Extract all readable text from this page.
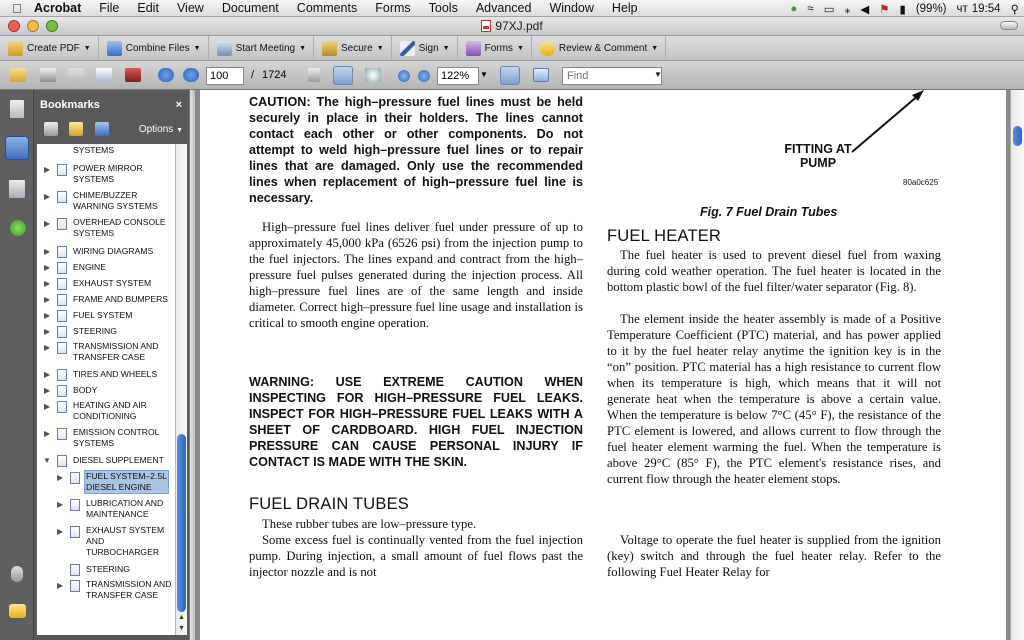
Acrobat	File	Edit	View	Document	Comments	Forms	Tools	Advanced	Window	Help	● ≈ ▭ ⁎ ◀ ⚑ ▮ (99%) чт 19:54 ⚲
97XJ.pdf
Create PDF ▼	Combine Files ▼	Start Meeting ▼	Secure ▼	Sign ▼	Forms ▼	Review & Comment ▼
100
/ 1724
122%	▼
Find	▼
Bookmarks	×
Options ▼
SYSTEMS
▶	POWER MIRROR
SYSTEMS
▶	CHIME/BUZZER
WARNING SYSTEMS
▶	OVERHEAD CONSOLE
SYSTEMS
▶	WIRING DIAGRAMS
▶	ENGINE
▶	EXHAUST SYSTEM
▶	FRAME AND BUMPERS
▶	FUEL SYSTEM
▶	STEERING
▶	TRANSMISSION AND
TRANSFER CASE
▶	TIRES AND WHEELS
▶	BODY
▶	HEATING AND AIR
CONDITIONING
▶	EMISSION CONTROL
SYSTEMS
▼	DIESEL SUPPLEMENT
▶	FUEL SYSTEM–2.5L
DIESEL ENGINE
▶	LUBRICATION AND
MAINTENANCE
▶	EXHAUST SYSTEM
AND
TURBOCHARGER
STEERING
▶	TRANSMISSION AND
TRANSFER CASE
▲
▼
CAUTION: The high–pressure fuel lines must be held securely in place in their holders. The lines cannot contact each other or other components. Do not attempt to weld high–pressure fuel lines or to repair lines that are damaged. Only use the recommended lines when replacement of high–pressure fuel line is necessary.
High–pressure fuel lines deliver fuel under pressure of up to approximately 45,000 kPa (6526 psi) from the injection pump to the fuel injectors. The lines expand and contract from the high–pressure fuel pulses generated during the injection process. All high–pressure fuel lines are of the same length and inside diameter. Correct high–pressure fuel line usage and installation is critical to smooth engine operation.
WARNING: USE EXTREME CAUTION WHEN INSPECTING FOR HIGH–PRESSURE FUEL LEAKS. INSPECT FOR HIGH–PRESSURE FUEL LEAKS WITH A SHEET OF CARDBOARD. HIGH FUEL INJECTION PRESSURE CAN CAUSE PERSONAL INJURY IF CONTACT IS MADE WITH THE SKIN.
FUEL DRAIN TUBES
These rubber tubes are low–pressure type.
Some excess fuel is continually vented from the fuel injection pump. During injection, a small amount of fuel flows past the injector nozzle and is not
FITTING AT PUMP
80a0c625
Fig. 7 Fuel Drain Tubes
FUEL HEATER
The fuel heater is used to prevent diesel fuel from waxing during cold weather operation. The fuel heater is located in the bottom plastic bowl of the fuel filter/water separator (Fig. 8).
The element inside the heater assembly is made of a Positive Temperature Coefficient (PTC) material, and has power applied to it by the fuel heater relay anytime the ignition key is in the “on” position. PTC material has a high resistance to current flow when its temperature is high, which means that it will not generate heat when the temperature is above a certain value. When the temperature is below 7°C (45° F), the resistance of the PTC element is lowered, and allows current to flow through the fuel heater element warming the fuel. When the temperature is above 29°C (85° F), the PTC element's resistance rises, and current flow through the heater element stops.
Voltage to operate the fuel heater is supplied from the ignition (key) switch and through the fuel heater relay. Refer to the following Fuel Heater Relay for
